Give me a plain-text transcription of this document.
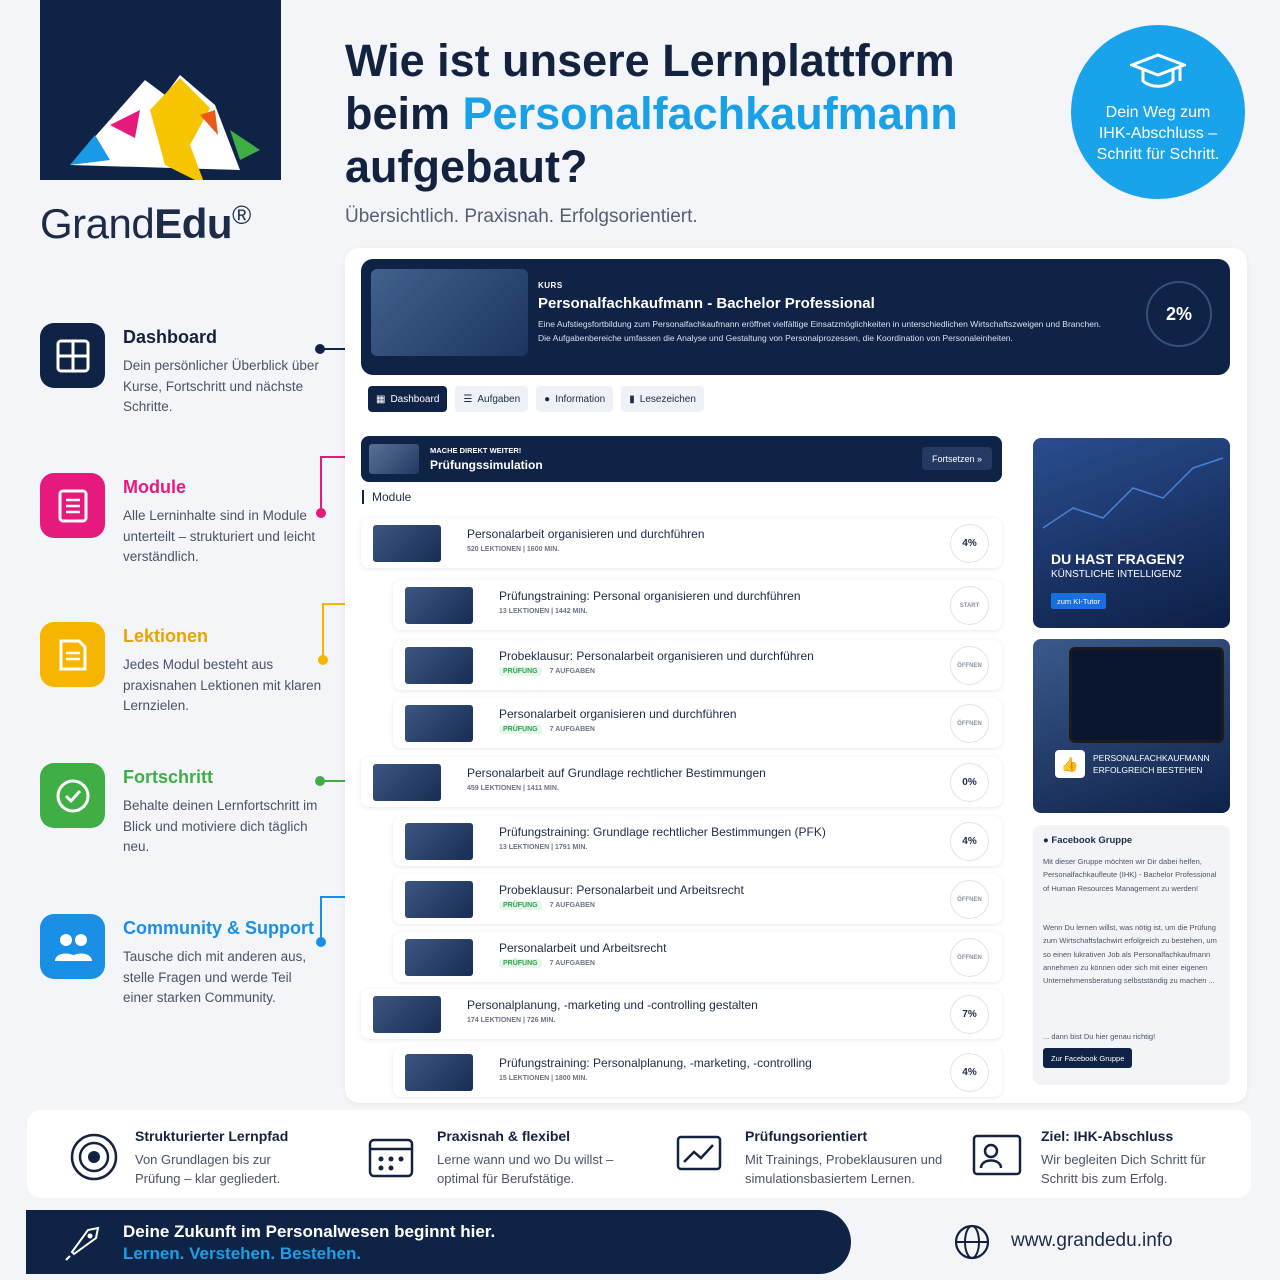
GrandEdu®
Wie ist unsere Lernplattform
beim Personalfachkaufmann
aufgebaut?
Übersichtlich. Praxisnah. Erfolgsorientiert.
Dein Weg zum IHK-Abschluss – Schritt für Schritt.
Dashboard
Dein persönlicher Überblick über Kurse, Fortschritt und nächste Schritte.
Module
Alle Lerninhalte sind in Module unterteilt – strukturiert und leicht verständlich.
Lektionen
Jedes Modul besteht aus praxisnahen Lektionen mit klaren Lernzielen.
Fortschritt
Behalte deinen Lernfortschritt im Blick und motiviere dich täglich neu.
Community & Support
Tausche dich mit anderen aus, stelle Fragen und werde Teil einer starken Community.
KURS
Personalfachkaufmann - Bachelor Professional
Eine Aufstiegsfortbildung zum Personalfachkaufmann eröffnet vielfältige Einsatzmöglichkeiten in unterschiedlichen Wirtschaftszweigen und Branchen. Die Aufgabenbereiche umfassen die Analyse und Gestaltung von Personalprozessen, die Koordination von Personaleinheiten.
2%
▦ Dashboard ☰ Aufgaben ● Information ▮ Lesezeichen
MACHE DIREKT WEITER!
Prüfungssimulation	Fortsetzen »
Module
Personalarbeit organisieren und durchführen
520 LEKTIONEN | 1600 MIN.
4%
Prüfungstraining: Personal organisieren und durchführen
13 LEKTIONEN | 1442 MIN.
START
Probeklausur: Personalarbeit organisieren und durchführen
PRÜFUNG 7 AUFGABEN
ÖFFNEN
Personalarbeit organisieren und durchführen
PRÜFUNG 7 AUFGABEN
ÖFFNEN
Personalarbeit auf Grundlage rechtlicher Bestimmungen
459 LEKTIONEN | 1411 MIN.
0%
Prüfungstraining: Grundlage rechtlicher Bestimmungen (PFK)
13 LEKTIONEN | 1791 MIN.
4%
Probeklausur: Personalarbeit und Arbeitsrecht
PRÜFUNG 7 AUFGABEN
ÖFFNEN
Personalarbeit und Arbeitsrecht
PRÜFUNG 7 AUFGABEN
ÖFFNEN
Personalplanung, -marketing und -controlling gestalten
174 LEKTIONEN | 726 MIN.
7%
Prüfungstraining: Personalplanung, -marketing, -controlling
15 LEKTIONEN | 1800 MIN.
4%
DU HAST FRAGEN?
KÜNSTLICHE INTELLIGENZ
zum KI-Tutor
👍	PERSONALFACHKAUFMANN ERFOLGREICH BESTEHEN
● Facebook Gruppe
Mit dieser Gruppe möchten wir Dir dabei helfen, Personalfachkaufleute (IHK) - Bachelor Professional of Human Resources Management zu werden!
Wenn Du lernen willst, was nötig ist, um die Prüfung zum Wirtschaftsfachwirt erfolgreich zu bestehen, um so einen lukrativen Job als Personalfachkaufmann annehmen zu können oder sich mit einer eigenen Unternehmensberatung selbstständig zu machen ...
... dann bist Du hier genau richtig!
Zur Facebook Gruppe
Strukturierter Lernpfad
Von Grundlagen bis zur Prüfung – klar gegliedert.
Praxisnah & flexibel
Lerne wann und wo Du willst – optimal für Berufstätige.
Prüfungsorientiert
Mit Trainings, Probeklausuren und simulationsbasiertem Lernen.
Ziel: IHK-Abschluss
Wir begleiten Dich Schritt für Schritt bis zum Erfolg.
Deine Zukunft im Personalwesen beginnt hier.
Lernen. Verstehen. Bestehen.
www.grandedu.info
